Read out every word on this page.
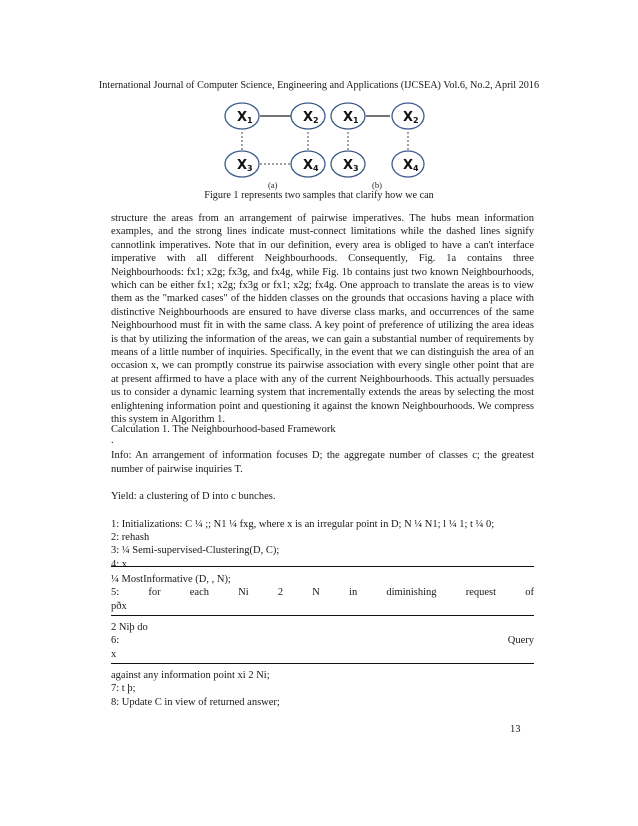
International Journal of Computer Science, Engineering and Applications (IJCSEA) Vol.6, No.2, April 2016
X 1	X 2
X 3	X 4
X 1	X 2
X 3	X 4
(a)	(b)
Figure 1 represents two samples that clarify how we can

structure the areas from an arrangement of pairwise imperatives. The hubs mean information examples, and the strong lines indicate must-connect limitations while the dashed lines signify cannotlink imperatives. Note that in our definition, every area is obliged to have a can't interface imperative with all different Neighbourhoods. Consequently, Fig. 1a contains three Neighbourhoods: fx1; x2g; fx3g, and fx4g, while Fig. 1b contains just two known Neighbourhoods, which can be either fx1; x2g; fx3g or fx1; x2g; fx4g. One approach to translate the areas is to view them as the "marked cases" of the hidden classes on the grounds that occasions having a place with distinctive Neighbourhoods are ensured to have diverse class marks, and occurrences of the same Neighbourhood must fit in with the same class. A key point of preference of utilizing the area ideas is that by utilizing the information of the areas, we can gain a substantial number of requirements by means of a little number of inquiries. Specifically, in the event that we can distinguish the area of an occasion x, we can promptly construe its pairwise association with every single other point that are at present affirmed to have a place with any of the current Neighbourhoods. This actually persuades us to consider a dynamic learning system that incrementally extends the areas by selecting the most enlightening information point and questioning it against the known Neighbourhoods. We compress this system in Algorithm 1.

Calculation 1. The Neighbourhood-based Framework

.

Info: An arrangement of information focuses D; the aggregate number of classes c; the greatest number of pairwise inquiries T.

Yield: a clustering of D into c bunches.

1: Initializations: C ¼ ;; N1 ¼ fxg, where x is an irregular point in D; N ¼ N1; l ¼ 1; t ¼ 0;

2: rehash

3: ¼ Semi-supervised-Clustering(D, C);

4: x

¼ MostInformative (D, , N);

5:	for	each	Ni	2	N	in	diminishing	request	of

pðx

2 Niþ do

6:	Query

x

against any information point xi 2 Ni;

7: t þ;

8: Update C in view of returned answer;

13
